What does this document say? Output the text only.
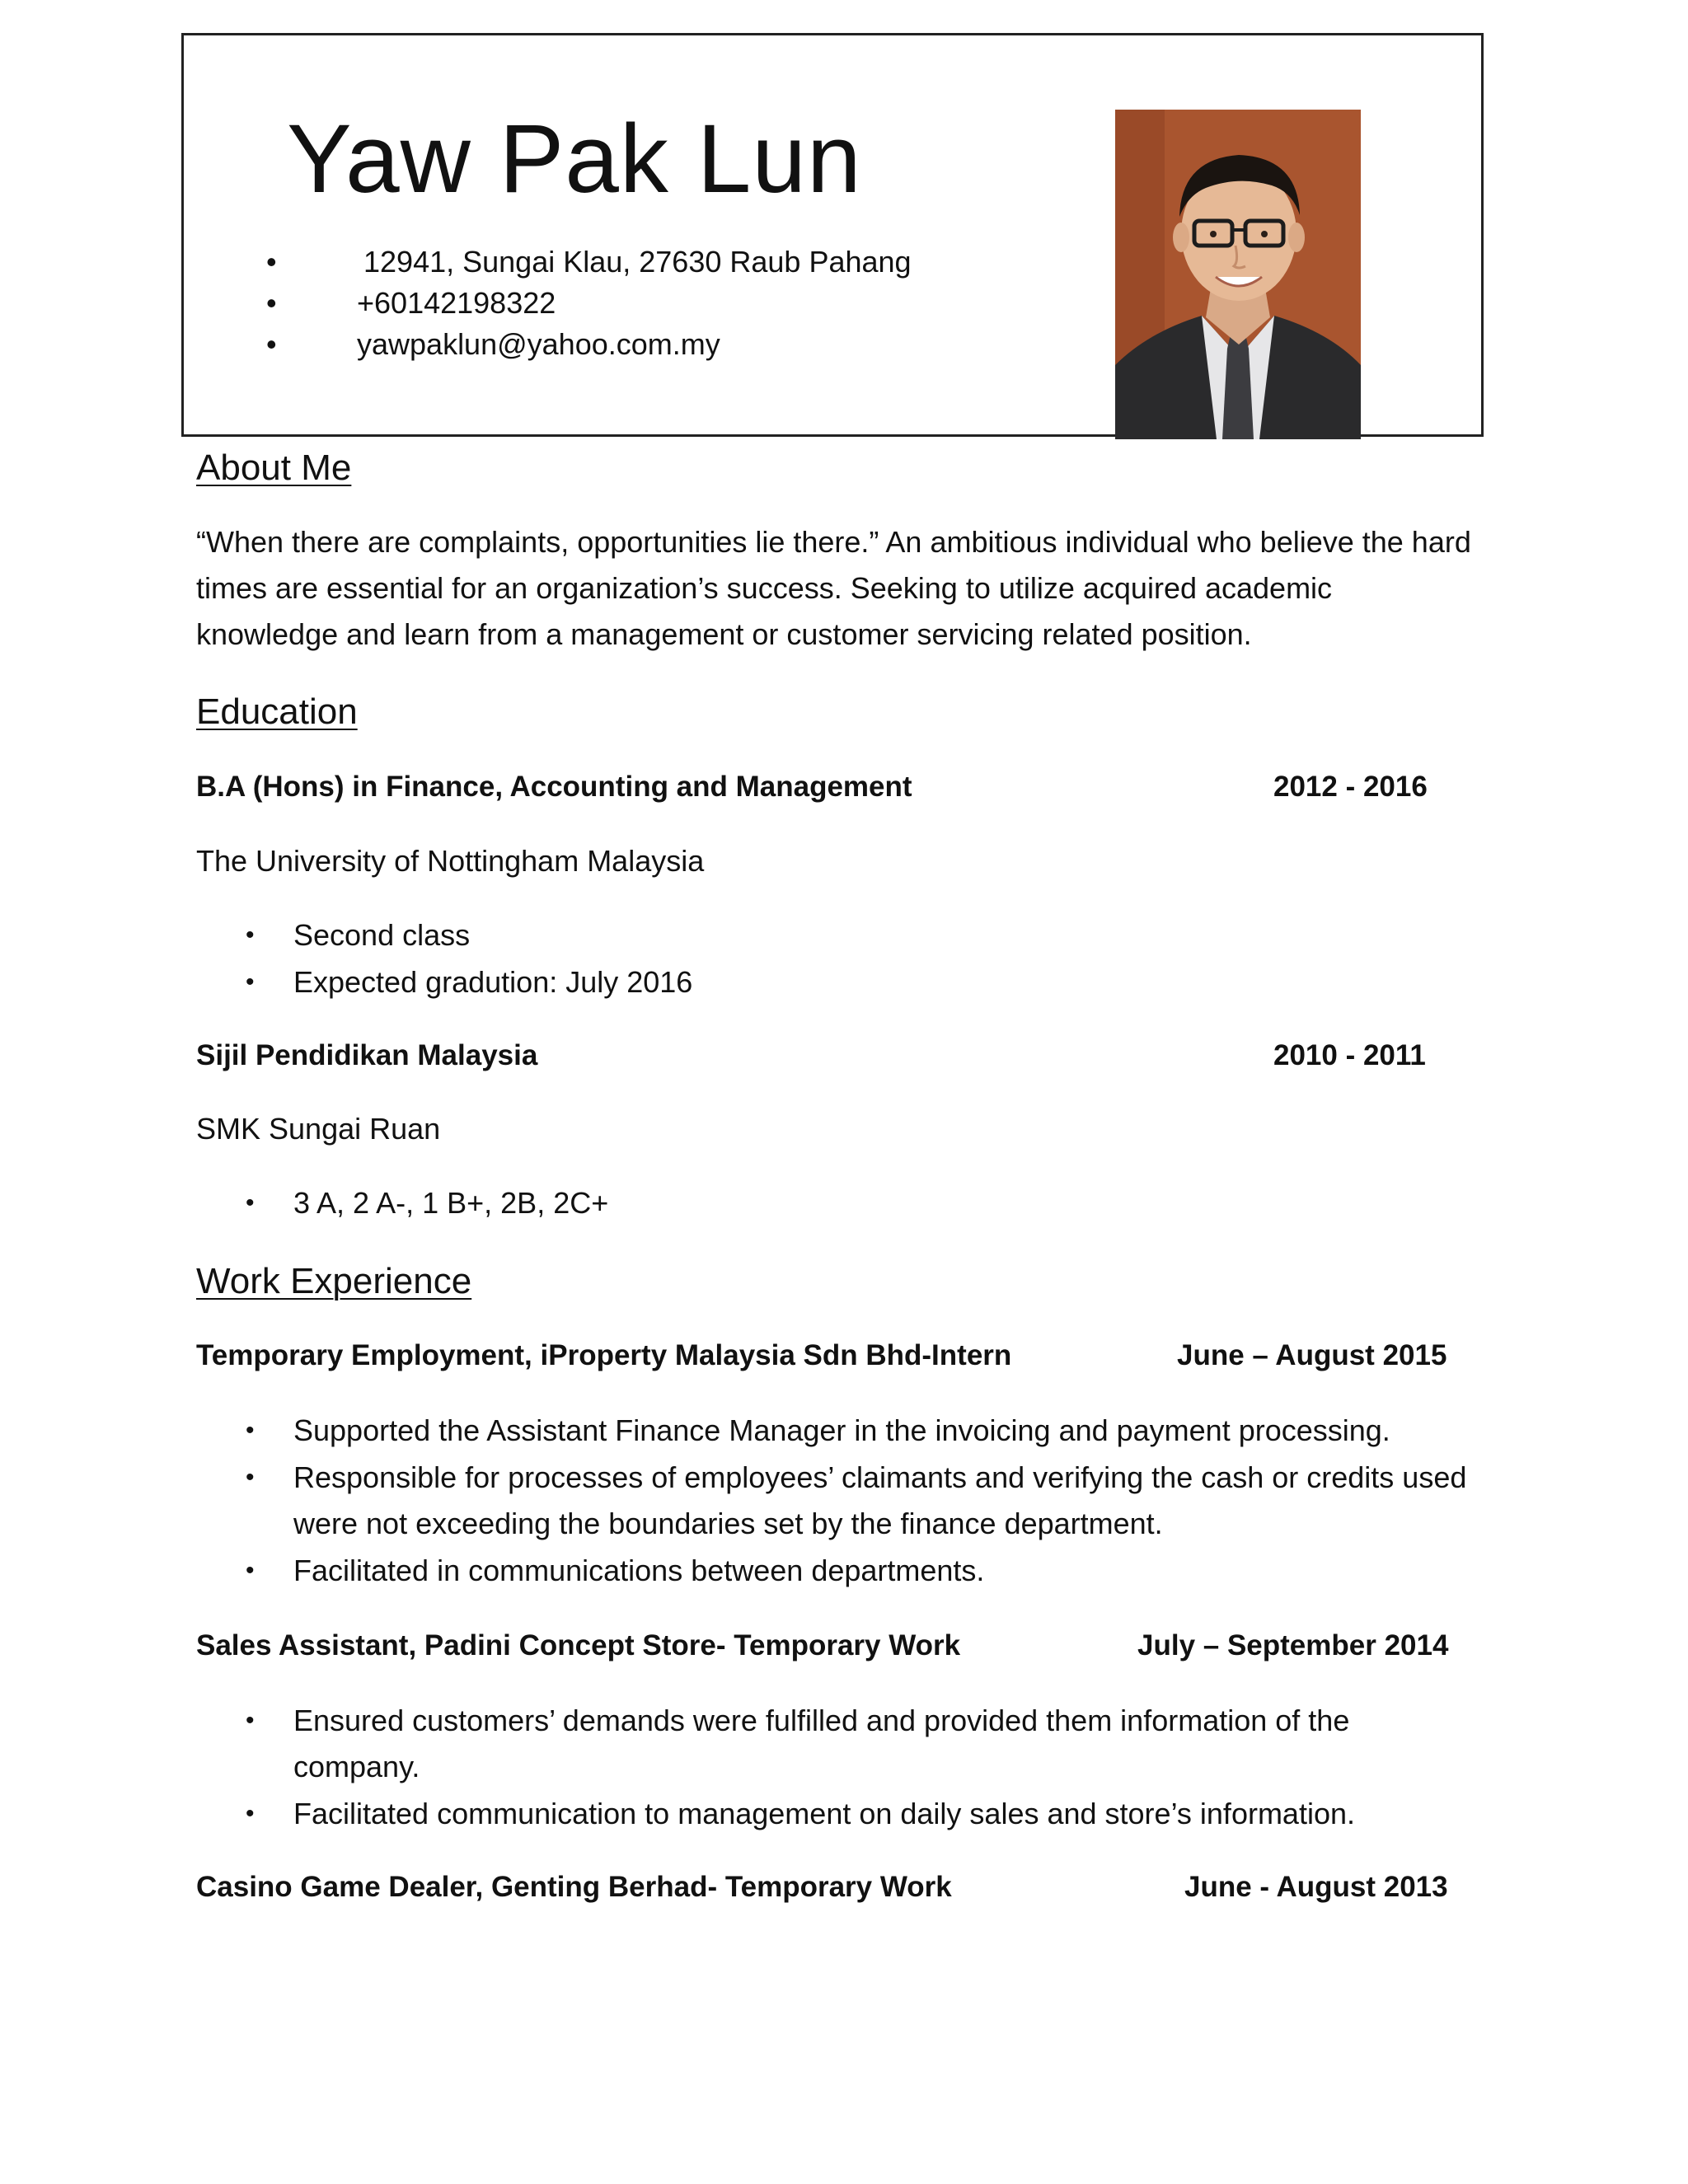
Yaw Pak Lun
•	12941, Sungai Klau, 27630 Raub Pahang
•	+60142198322
•	yawpaklun@yahoo.com.my
About Me
“When there are complaints, opportunities lie there.” An ambitious individual who believe the hard times are essential for an organization’s success. Seeking to utilize acquired academic knowledge and learn from a management or customer servicing related position.
Education
B.A (Hons) in Finance, Accounting and Management	2012 - 2016
The University of Nottingham Malaysia
• Second class
• Expected gradution: July 2016
Sijil Pendidikan Malaysia	2010 - 2011
SMK Sungai Ruan
• 3 A, 2 A-, 1 B+, 2B, 2C+
Work Experience
Temporary Employment, iProperty Malaysia Sdn Bhd-Intern	June – August 2015
• Supported the Assistant Finance Manager in the invoicing and payment processing.
• Responsible for processes of employees’ claimants and verifying the cash or credits used were not exceeding the boundaries set by the finance department.
• Facilitated in communications between departments.
Sales Assistant, Padini Concept Store- Temporary Work	July – September 2014
• Ensured customers’ demands were fulfilled and provided them information of the company.
• Facilitated communication to management on daily sales and store’s information.
Casino Game Dealer, Genting Berhad- Temporary Work	June - August 2013
